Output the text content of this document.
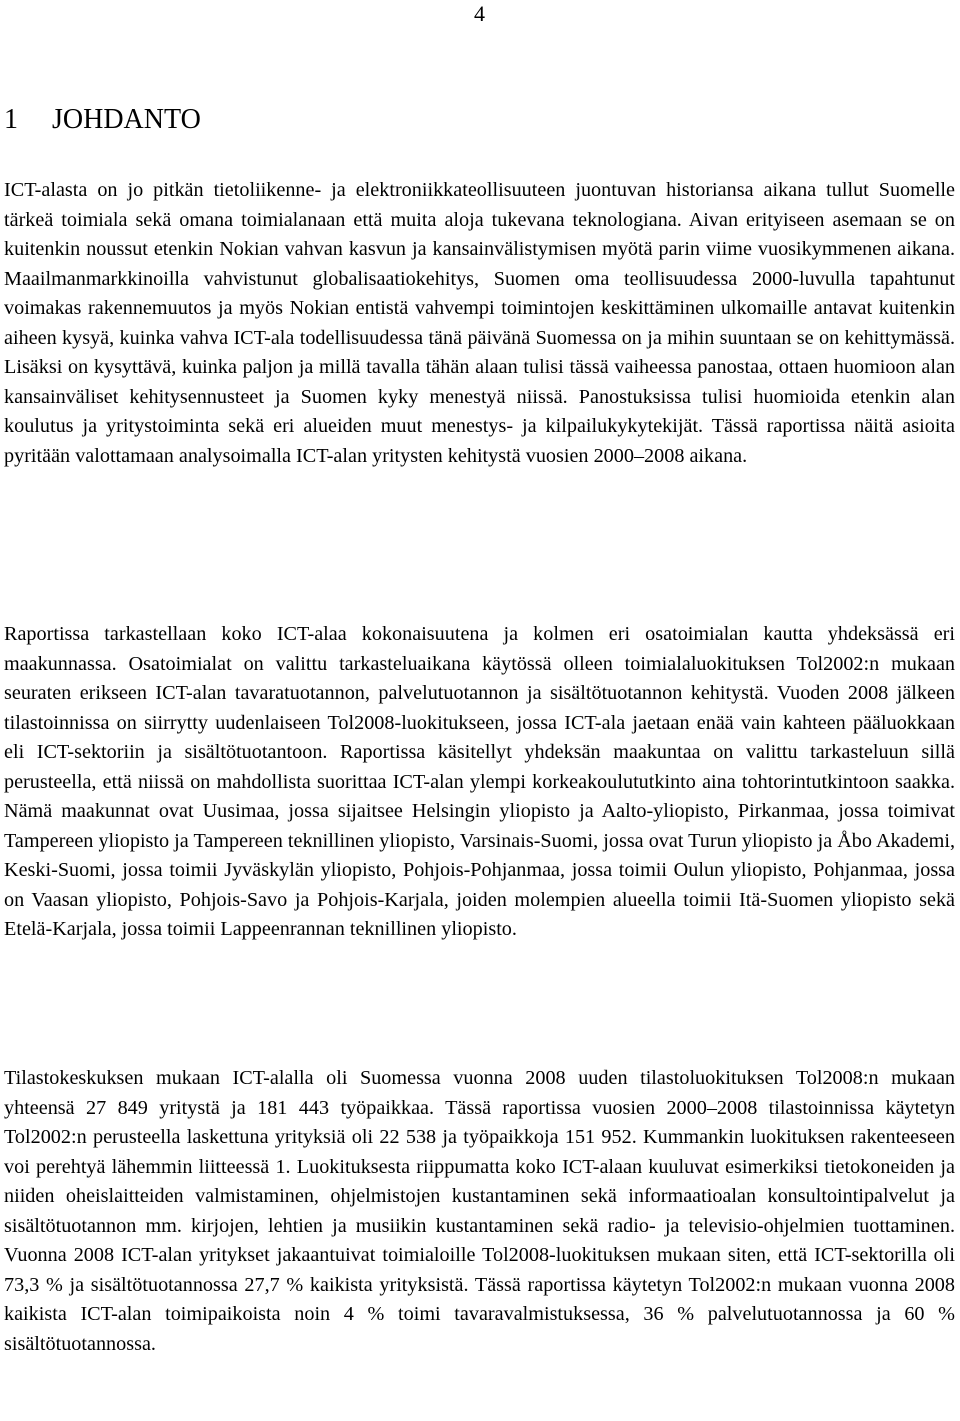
4
1 JOHDANTO

ICT-alasta on jo pitkän tietoliikenne- ja elektroniikkateollisuuteen juontuvan historiansa aikana tullut Suomelle tärkeä toimiala sekä omana toimialanaan että muita aloja tukevana teknologiana. Aivan erityiseen asemaan se on kuitenkin noussut etenkin Nokian vahvan kasvun ja kansainvälistymisen myötä parin viime vuosikymmenen aikana. Maailmanmarkkinoilla vahvistunut globalisaatiokehitys, Suomen oma teollisuudessa 2000-luvulla tapahtunut voimakas rakennemuutos ja myös Nokian entistä vahvempi toimintojen keskittäminen ulkomaille antavat kuitenkin aiheen kysyä, kuinka vahva ICT-ala todellisuudessa tänä päivänä Suomessa on ja mihin suuntaan se on kehittymässä. Lisäksi on kysyttävä, kuinka paljon ja millä tavalla tähän alaan tulisi tässä vaiheessa panostaa, ottaen huomioon alan kansainväliset kehitysennusteet ja Suomen kyky menestyä niissä. Panostuksissa tulisi huomioida etenkin alan koulutus ja yritystoiminta sekä eri alueiden muut menestys- ja kilpailukykytekijät. Tässä raportissa näitä asioita pyritään valottamaan analysoimalla ICT-alan yritysten kehitystä vuosien 2000–2008 aikana.

Raportissa tarkastellaan koko ICT-alaa kokonaisuutena ja kolmen eri osatoimialan kautta yhdeksässä eri maakunnassa. Osatoimialat on valittu tarkasteluaikana käytössä olleen toimialaluokituksen Tol2002:n mukaan seuraten erikseen ICT-alan tavaratuotannon, palvelutuotannon ja sisältötuotannon kehitystä. Vuoden 2008 jälkeen tilastoinnissa on siirrytty uudenlaiseen Tol2008-luokitukseen, jossa ICT-ala jaetaan enää vain kahteen pääluokkaan eli ICT-sektoriin ja sisältötuotantoon. Raportissa käsitellyt yhdeksän maakuntaa on valittu tarkasteluun sillä perusteella, että niissä on mahdollista suorittaa ICT-alan ylempi korkeakoulututkinto aina tohtorintutkintoon saakka. Nämä maakunnat ovat Uusimaa, jossa sijaitsee Helsingin yliopisto ja Aalto-yliopisto, Pirkanmaa, jossa toimivat Tampereen yliopisto ja Tampereen teknillinen yliopisto, Varsinais-Suomi, jossa ovat Turun yliopisto ja Åbo Akademi, Keski-Suomi, jossa toimii Jyväskylän yliopisto, Pohjois-Pohjanmaa, jossa toimii Oulun yliopisto, Pohjanmaa, jossa on Vaasan yliopisto, Pohjois-Savo ja Pohjois-Karjala, joiden molempien alueella toimii Itä-Suomen yliopisto sekä Etelä-Karjala, jossa toimii Lappeenrannan teknillinen yliopisto.

Tilastokeskuksen mukaan ICT-alalla oli Suomessa vuonna 2008 uuden tilastoluokituksen Tol2008:n mukaan yhteensä 27 849 yritystä ja 181 443 työpaikkaa. Tässä raportissa vuosien 2000–2008 tilastoinnissa käytetyn Tol2002:n perusteella laskettuna yrityksiä oli 22 538 ja työpaikkoja 151 952. Kummankin luokituksen rakenteeseen voi perehtyä lähemmin liitteessä 1. Luokituksesta riippumatta koko ICT-alaan kuuluvat esimerkiksi tietokoneiden ja niiden oheislaitteiden valmistaminen, ohjelmistojen kustantaminen sekä informaatioalan konsultointipalvelut ja sisältötuotannon mm. kirjojen, lehtien ja musiikin kustantaminen sekä radio- ja televisio-ohjelmien tuottaminen. Vuonna 2008 ICT-alan yritykset jakaantuivat toimialoille Tol2008-luokituksen mukaan siten, että ICT-sektorilla oli 73,3 % ja sisältötuotannossa 27,7 % kaikista yrityksistä. Tässä raportissa käytetyn Tol2002:n mukaan vuonna 2008 kaikista ICT-alan toimipaikoista noin 4 % toimi tavaravalmistuksessa, 36 % palvelutuotannossa ja 60 % sisältötuotannossa.
